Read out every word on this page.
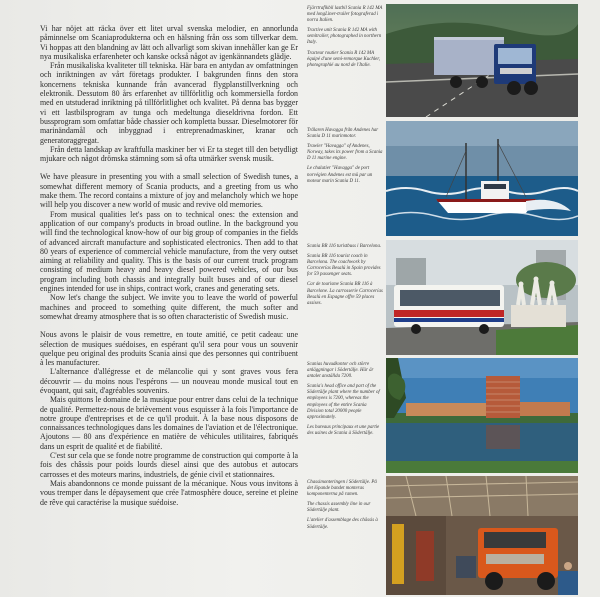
Vi har nöjet att räcka över ett litet urval svenska melodier, en annorlunda påminnelse om Scaniaprodukterna och en hälsning från oss som tillverkar dem. Vi hoppas att den blandning av lätt och allvarligt som skivan innehåller kan ge Er nya musikaliska erfarenheter och kanske också något av igenkännandets glädje.

Från musikaliska kvaliteter till tekniska. Här bara en antydan av omfattningen och inriktningen av vårt företags produkter. I bakgrunden finns den stora koncernens tekniska kunnande från avancerad flygplanstillverkning och elektronik. Dessutom 80 års erfarenhet av tillförlitlig och kommersiella fordon med en utstuderad inriktning på tillförlitlighet och kvalitet. På denna bas bygger vi ett lastbilsprogram av tunga och medeltunga dieseldrivna fordon. Ett bussprogram som omfattar både chassier och kompletta bussar. Dieselmotorer för marinändamål och inbyggnad i entreprenadmaskiner, kranar och generatoraggregat.

Från detta landskap av kraftfulla maskiner ber vi Er ta steget till den betydligt mjukare och något drömska stämning som så ofta utmärker svensk musik.

We have pleasure in presenting you with a small selection of Swedish tunes, a somewhat different memory of Scania products, and a greeting from us who make them. The record contains a mixture of joy and melancholy which we hope will help you discover a new world of music and revive old memories.

From musical qualities let's pass on to technical ones: the extension and application of our company's products in broad outline. In the background you will find the technological know-how of our big group of companies in the fields of advanced aircraft manufacture and sophisticated electronics. Then add to that 80 years of experience of commercial vehicle manufacture, from the very outset aiming at reliability and quality. This is the basis of our current truck program consisting of medium heavy and heavy diesel powered vehicles, of our bus program including both chassis and integrally built buses and of our diesel engines intended for use in ships, contract work, cranes and generating sets.

Now let's change the subject. We invite you to leave the world of powerful machines and proceed to something quite different, the much softer and somewhat dreamy atmosphere that is so often characteristic of Swedish music.

Nous avons le plaisir de vous remettre, en toute amitié, ce petit cadeau: une sélection de musiques suédoises, en espérant qu'il sera pour vous un souvenir quelque peu original des produits Scania ainsi que des personnes qui contribuent à les manufacturer.

L'alternance d'allégresse et de mélancolie qui y sont graves vous fera découvrir — du moins nous l'espérons — un nouveau monde musical tout en évoquant, qui sait, d'agréables souvenirs.

Mais quittons le domaine de la musique pour entrer dans celui de la technique de qualité. Permettez-nous de brièvement vous esquisser à la fois l'importance de notre groupe d'entreprises et de ce qu'il produit. À la base nous disposons de connaissances technologiques dans les domaines de l'aviation et de l'électronique. Ajoutons — 80 ans d'expérience en matière de véhicules utilitaires, fabriqués dans un esprit de qualité et de fiabilité.

C'est sur cela que se fonde notre programme de construction qui comporte à la fois des châssis pour poids lourds diesel ainsi que des autobus et autocars carrosses et des moteurs marins, industriels, de génie civil et stationnaires.

Mais abandonnons ce monde puissant de la mécanique. Nous vous invitons à vous tremper dans le dépaysement que crée l'atmosphère douce, sereine et pleine de rêve qui caractérise la musique suédoise.

Fjärrtrafikbil lastbil Scania R 142 MA med longLiner-trailer fotograferad i norra Italien.

Tractive unit Scania R 142 MA with semitrailer, photographed in northern Italy.

Tracteur routier Scania R 142 MA équipé d'une semi-remorque Kuchler, photographié au nord de l'Italie.

Trålaren Havagga från Andenes har Scania D 11 marinmotor.

Trawler "Havagga" of Andenes, Norway, takes its power from a Scania D 11 marine engine.

Le chalutier "Havagga" de port norvégien Andenes est mû par un moteur marin Scania D 11.

Scania BR 116 turistbuss i Barcelona.

Scania BR 116 tourist coach in Barcelona. The coachwork by Carrocerías Besalú in Spain provides for 59 passenger seats.

Car de tourisme Scania BR 116 à Barcelone. La carrosserie Carrocerías Besalú en Espagne offre 59 places assises.

Scanias huvudkontor och större anläggningar i Södertälje. Här är antalet anställda 7200.

Scania's head office and part of the Södertälje plant where the number of employees is 7200, whereas the employees of the entire Scania Division total 20000 people approximately.

Les bureaux principaux et une partie des usines de Scania à Södertälje.

Chassimonteringen i Södertälje. På det löpande bandet monteras komponenterna på ramen.

The chassis assembly line in our Södertälje plant.

L'atelier d'assemblage des châssis à Södertälje.
